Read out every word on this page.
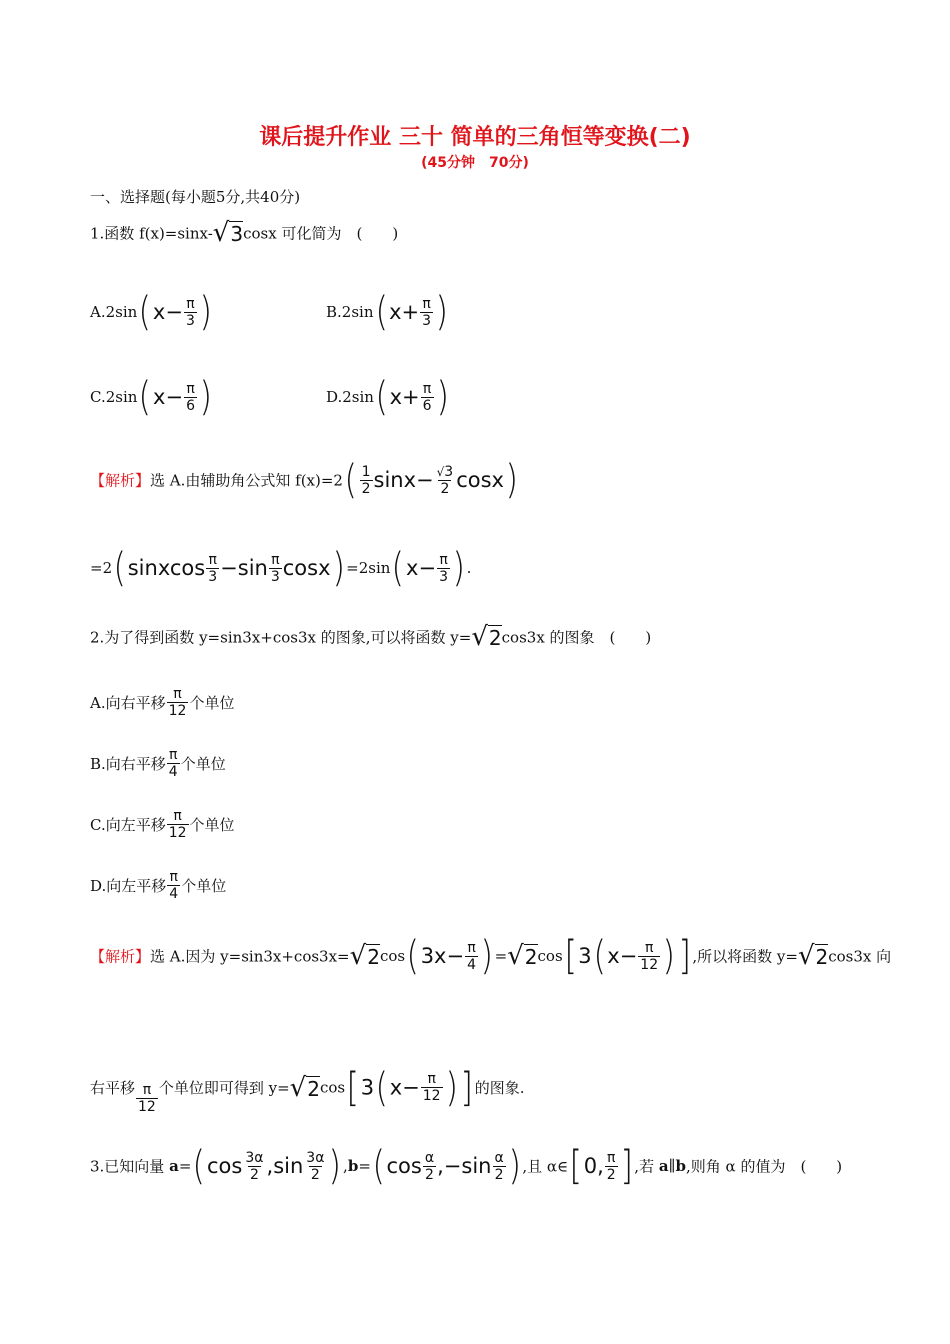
课后提升作业 三十 简单的三角恒等变换(二)
(45分钟　70分)
一、选择题(每小题5分,共40分)
1.函数 f(x)=sinx-√3cosx 可化简为　(　　)
$A.2\sin(x- \frac{\pi}{3}$ )	$B.2\sin(x+ \frac{\pi}{3}$ )
$C.2\sin(x- \frac{\pi}{6}$ )	$D.2\sin(x+ \frac{\pi}{6}$ )
【解析】选 A.由辅助角公式知 $f(x)=2( \frac{1}{2} \sin x- \frac{√3}{2} \cos x)$
=2(sinxcos $\frac{\pi}{3} -\sin \frac{\pi}{3} \cos x) =2\sin(x- \frac{\pi}{3}$ ) .
2.为了得到函数 y=sin3x+cos3x 的图象,可以将函数 y=√2cos3x 的图象　(　　)
A.向右平移 $\frac{\pi}{12}$ 个单位
B.向右平移 $\frac{\pi}{4}$ 个单位
C.向左平移 $\frac{\pi}{12}$ 个单位
D.向左平移 $\frac{\pi}{4}$ 个单位
【解析】选 A.因为 $y=\sin 3x+\cos 3x=√2\cos(3x- \frac{\pi}{4}$ ) $=√2\cos[3(x- \frac{\pi}{12}$ )] ,所以将函数 y=√2cos3x 向
右平移 $\frac{\pi}{12}$ 个单位即可得到 $y=√2\cos[3(x- \frac{\pi}{12}$ )] 的图象.
3.已知向量 $a=(\cos \frac{3\alpha}{2} ,\sin \frac{3\alpha}{2}$ ) $,b=(\cos \frac{\alpha}{2} ,-\sin \frac{\alpha}{2}$ ) ,且 α∈[0, $\frac{\pi}{2}$ ] ,若 a∥b,则角 α 的值为　(　　)
